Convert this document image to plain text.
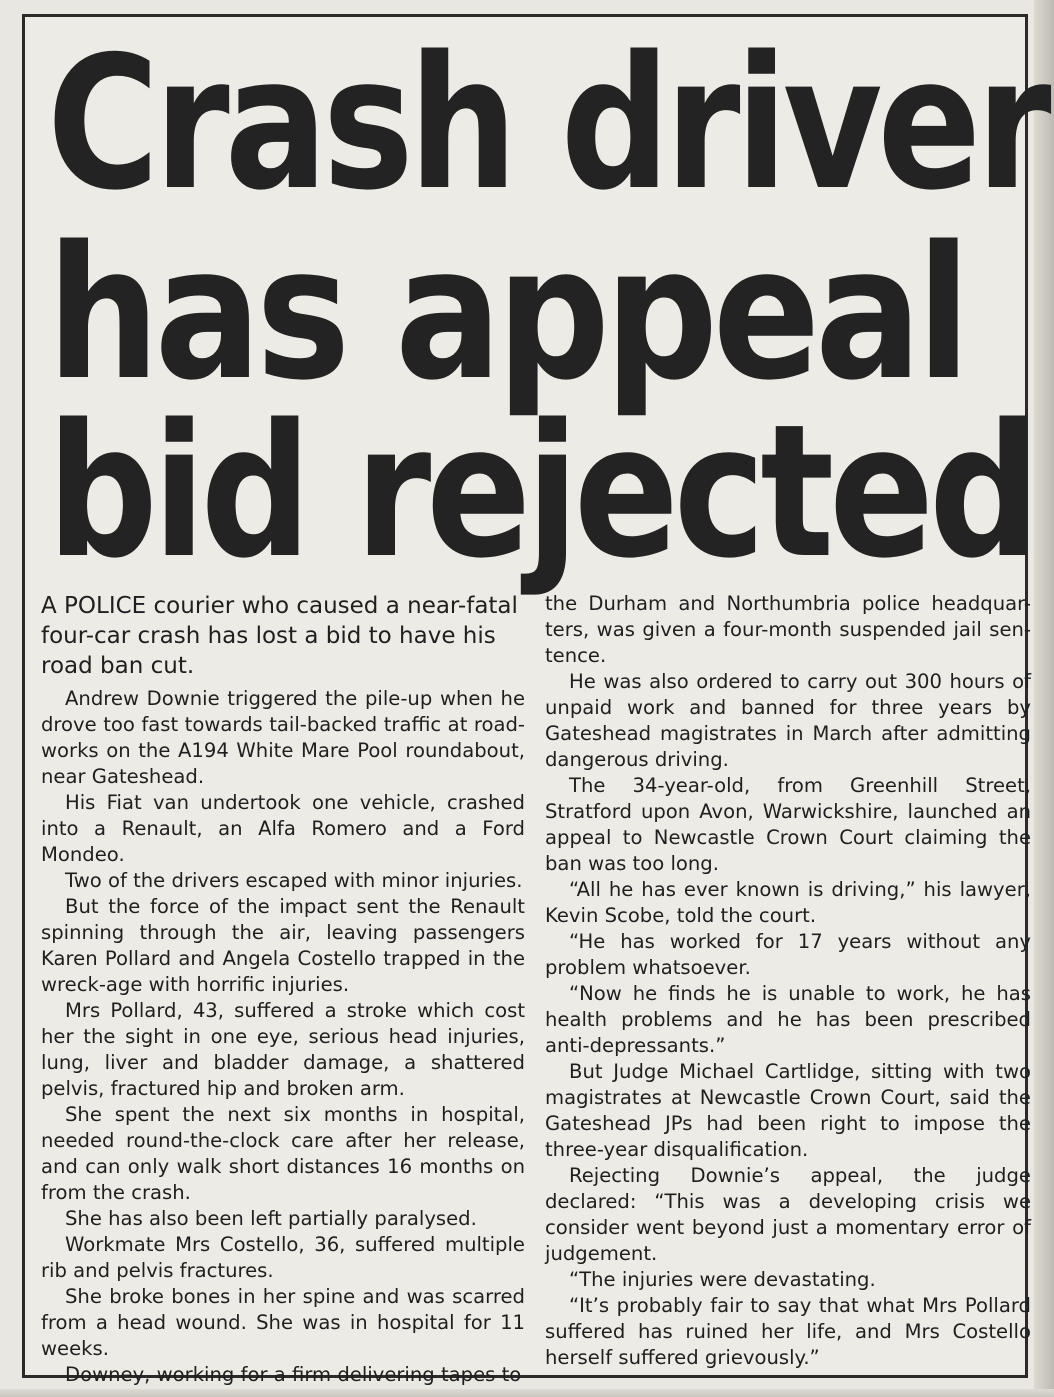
Crash driver
has appeal
bid rejected

A POLICE courier who caused a near-fatal four-car crash has lost a bid to have his road ban cut.

Andrew Downie triggered the pile-up when he drove too fast towards tail-backed traffic at road-works on the A194 White Mare Pool roundabout, near Gateshead.

His Fiat van undertook one vehicle, crashed into a Renault, an Alfa Romero and a Ford Mondeo.

Two of the drivers escaped with minor injuries.

But the force of the impact sent the Renault spinning through the air, leaving passengers Karen Pollard and Angela Costello trapped in the wreck-age with horrific injuries.

Mrs Pollard, 43, suffered a stroke which cost her the sight in one eye, serious head injuries, lung, liver and bladder damage, a shattered pelvis, fractured hip and broken arm.

She spent the next six months in hospital, needed round-the-clock care after her release, and can only walk short distances 16 months on from the crash.

She has also been left partially paralysed.

Workmate Mrs Costello, 36, suffered multiple rib and pelvis fractures.

She broke bones in her spine and was scarred from a head wound. She was in hospital for 11 weeks.

Downey, working for a firm delivering tapes to

the Durham and Northumbria police headquar-ters, was given a four-month suspended jail sen-tence.

He was also ordered to carry out 300 hours of unpaid work and banned for three years by Gateshead magistrates in March after admitting dangerous driving.

The 34-year-old, from Greenhill Street, Stratford upon Avon, Warwickshire, launched an appeal to Newcastle Crown Court claiming the ban was too long.

“All he has ever known is driving,” his lawyer, Kevin Scobe, told the court.

“He has worked for 17 years without any problem whatsoever.

“Now he finds he is unable to work, he has health problems and he has been prescribed anti-depressants.”

But Judge Michael Cartlidge, sitting with two magistrates at Newcastle Crown Court, said the Gateshead JPs had been right to impose the three-year disqualification.

Rejecting Downie’s appeal, the judge declared: “This was a developing crisis we consider went beyond just a momentary error of judgement.

“The injuries were devastating.

“It’s probably fair to say that what Mrs Pollard suffered has ruined her life, and Mrs Costello herself suffered grievously.”
